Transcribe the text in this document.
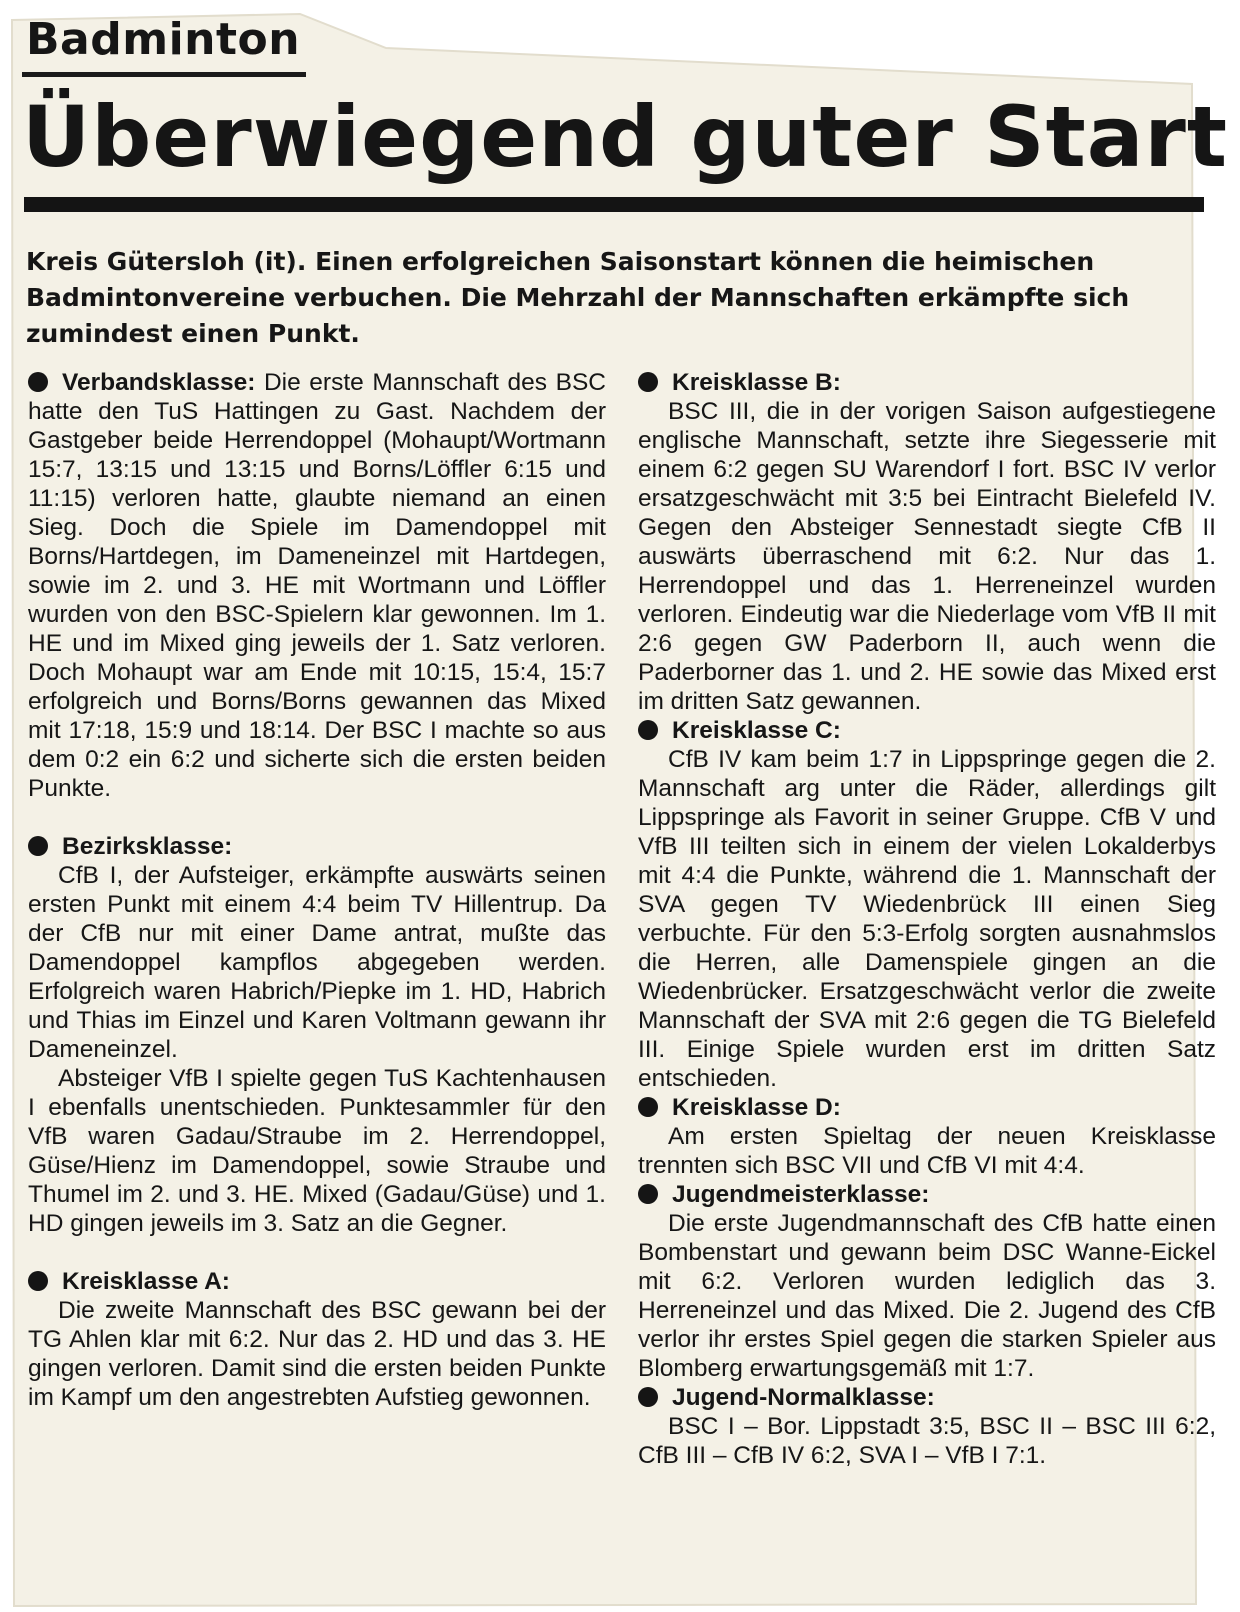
Badminton
Überwiegend guter Start

Kreis Gütersloh (it). Einen erfolgreichen Saisonstart können die heimischen Badmintonvereine verbuchen. Die Mehrzahl der Mannschaften erkämpfte sich zumindest einen Punkt.

Verbandsklasse: Die erste Mannschaft des BSC hatte den TuS Hattingen zu Gast. Nachdem der Gastgeber beide Herrendoppel (Mohaupt/Wortmann 15:7, 13:15 und 13:15 und Borns/Löffler 6:15 und 11:15) verloren hatte, glaubte niemand an einen Sieg. Doch die Spiele im Damendoppel mit Borns/Hartdegen, im Dameneinzel mit Hartdegen, sowie im 2. und 3. HE mit Wortmann und Löffler wurden von den BSC-Spielern klar gewonnen. Im 1. HE und im Mixed ging jeweils der 1. Satz verloren. Doch Mohaupt war am Ende mit 10:15, 15:4, 15:7 erfolgreich und Borns/Borns gewannen das Mixed mit 17:18, 15:9 und 18:14. Der BSC I machte so aus dem 0:2 ein 6:2 und sicherte sich die ersten beiden Punkte.

Bezirksklasse:
CfB I, der Aufsteiger, erkämpfte auswärts seinen ersten Punkt mit einem 4:4 beim TV Hillentrup. Da der CfB nur mit einer Dame antrat, mußte das Damendoppel kampflos abgegeben werden. Erfolgreich waren Habrich/Piepke im 1. HD, Habrich und Thias im Einzel und Karen Voltmann gewann ihr Dameneinzel.

Absteiger VfB I spielte gegen TuS Kachtenhausen I ebenfalls unentschieden. Punktesammler für den VfB waren Gadau/Straube im 2. Herrendoppel, Güse/Hienz im Damendoppel, sowie Straube und Thumel im 2. und 3. HE. Mixed (Gadau/Güse) und 1. HD gingen jeweils im 3. Satz an die Gegner.

Kreisklasse A:
Die zweite Mannschaft des BSC gewann bei der TG Ahlen klar mit 6:2. Nur das 2. HD und das 3. HE gingen verloren. Damit sind die ersten beiden Punkte im Kampf um den angestrebten Aufstieg gewonnen.

Kreisklasse B:
BSC III, die in der vorigen Saison aufgestiegene englische Mannschaft, setzte ihre Siegesserie mit einem 6:2 gegen SU Warendorf I fort. BSC IV verlor ersatzgeschwächt mit 3:5 bei Eintracht Bielefeld IV. Gegen den Absteiger Sennestadt siegte CfB II auswärts überraschend mit 6:2. Nur das 1. Herrendoppel und das 1. Herreneinzel wurden verloren. Eindeutig war die Niederlage vom VfB II mit 2:6 gegen GW Paderborn II, auch wenn die Paderborner das 1. und 2. HE sowie das Mixed erst im dritten Satz gewannen.

Kreisklasse C:
CfB IV kam beim 1:7 in Lippspringe gegen die 2. Mannschaft arg unter die Räder, allerdings gilt Lippspringe als Favorit in seiner Gruppe. CfB V und VfB III teilten sich in einem der vielen Lokalderbys mit 4:4 die Punkte, während die 1. Mannschaft der SVA gegen TV Wiedenbrück III einen Sieg verbuchte. Für den 5:3-Erfolg sorgten ausnahmslos die Herren, alle Damenspiele gingen an die Wiedenbrücker. Ersatzgeschwächt verlor die zweite Mannschaft der SVA mit 2:6 gegen die TG Bielefeld III. Einige Spiele wurden erst im dritten Satz entschieden.

Kreisklasse D:
Am ersten Spieltag der neuen Kreisklasse trennten sich BSC VII und CfB VI mit 4:4.

Jugendmeisterklasse:
Die erste Jugendmannschaft des CfB hatte einen Bombenstart und gewann beim DSC Wanne-Eickel mit 6:2. Verloren wurden lediglich das 3. Herreneinzel und das Mixed. Die 2. Jugend des CfB verlor ihr erstes Spiel gegen die starken Spieler aus Blomberg erwartungsgemäß mit 1:7.

Jugend-Normalklasse:
BSC I – Bor. Lippstadt 3:5, BSC II – BSC III 6:2, CfB III – CfB IV 6:2, SVA I – VfB I 7:1.
